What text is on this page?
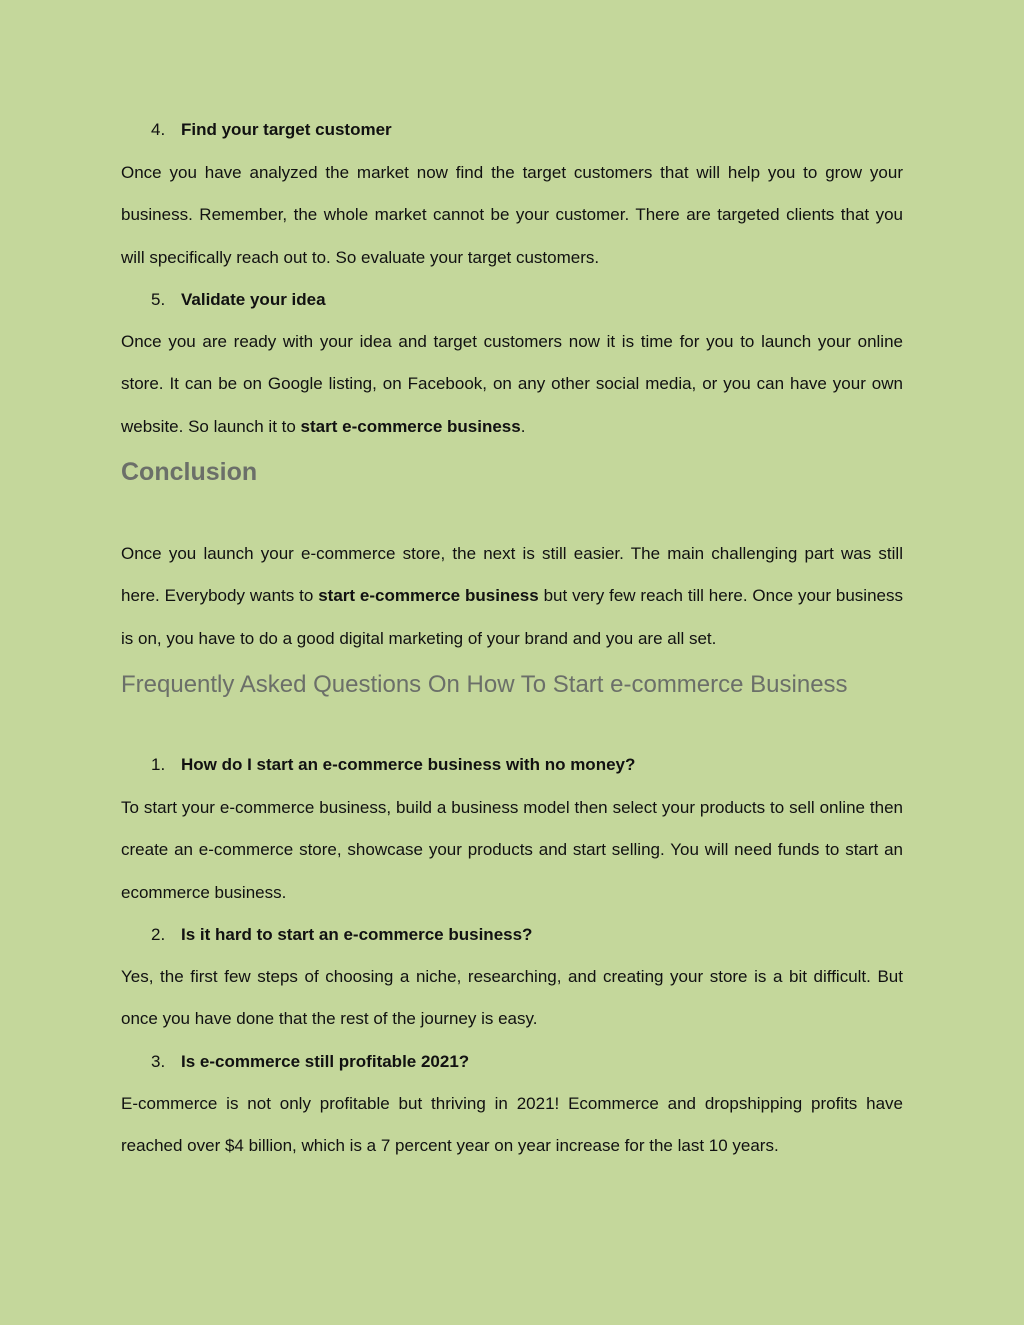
4. Find your target customer
Once you have analyzed the market now find the target customers that will help you to grow your business. Remember, the whole market cannot be your customer. There are targeted clients that you will specifically reach out to. So evaluate your target customers.
5. Validate your idea
Once you are ready with your idea and target customers now it is time for you to launch your online store. It can be on Google listing, on Facebook, on any other social media, or you can have your own website. So launch it to start e-commerce business.
Conclusion
Once you launch your e-commerce store, the next is still easier. The main challenging part was still here. Everybody wants to start e-commerce business but very few reach till here. Once your business is on, you have to do a good digital marketing of your brand and you are all set.
Frequently Asked Questions On How To Start e-commerce Business
1. How do I start an e-commerce business with no money?
To start your e-commerce business, build a business model then select your products to sell online then create an e-commerce store, showcase your products and start selling. You will need funds to start an ecommerce business.
2. Is it hard to start an e-commerce business?
Yes, the first few steps of choosing a niche, researching, and creating your store is a bit difficult. But once you have done that the rest of the journey is easy.
3. Is e-commerce still profitable 2021?
E-commerce is not only profitable but thriving in 2021! Ecommerce and dropshipping profits have reached over $4 billion, which is a 7 percent year on year increase for the last 10 years.
